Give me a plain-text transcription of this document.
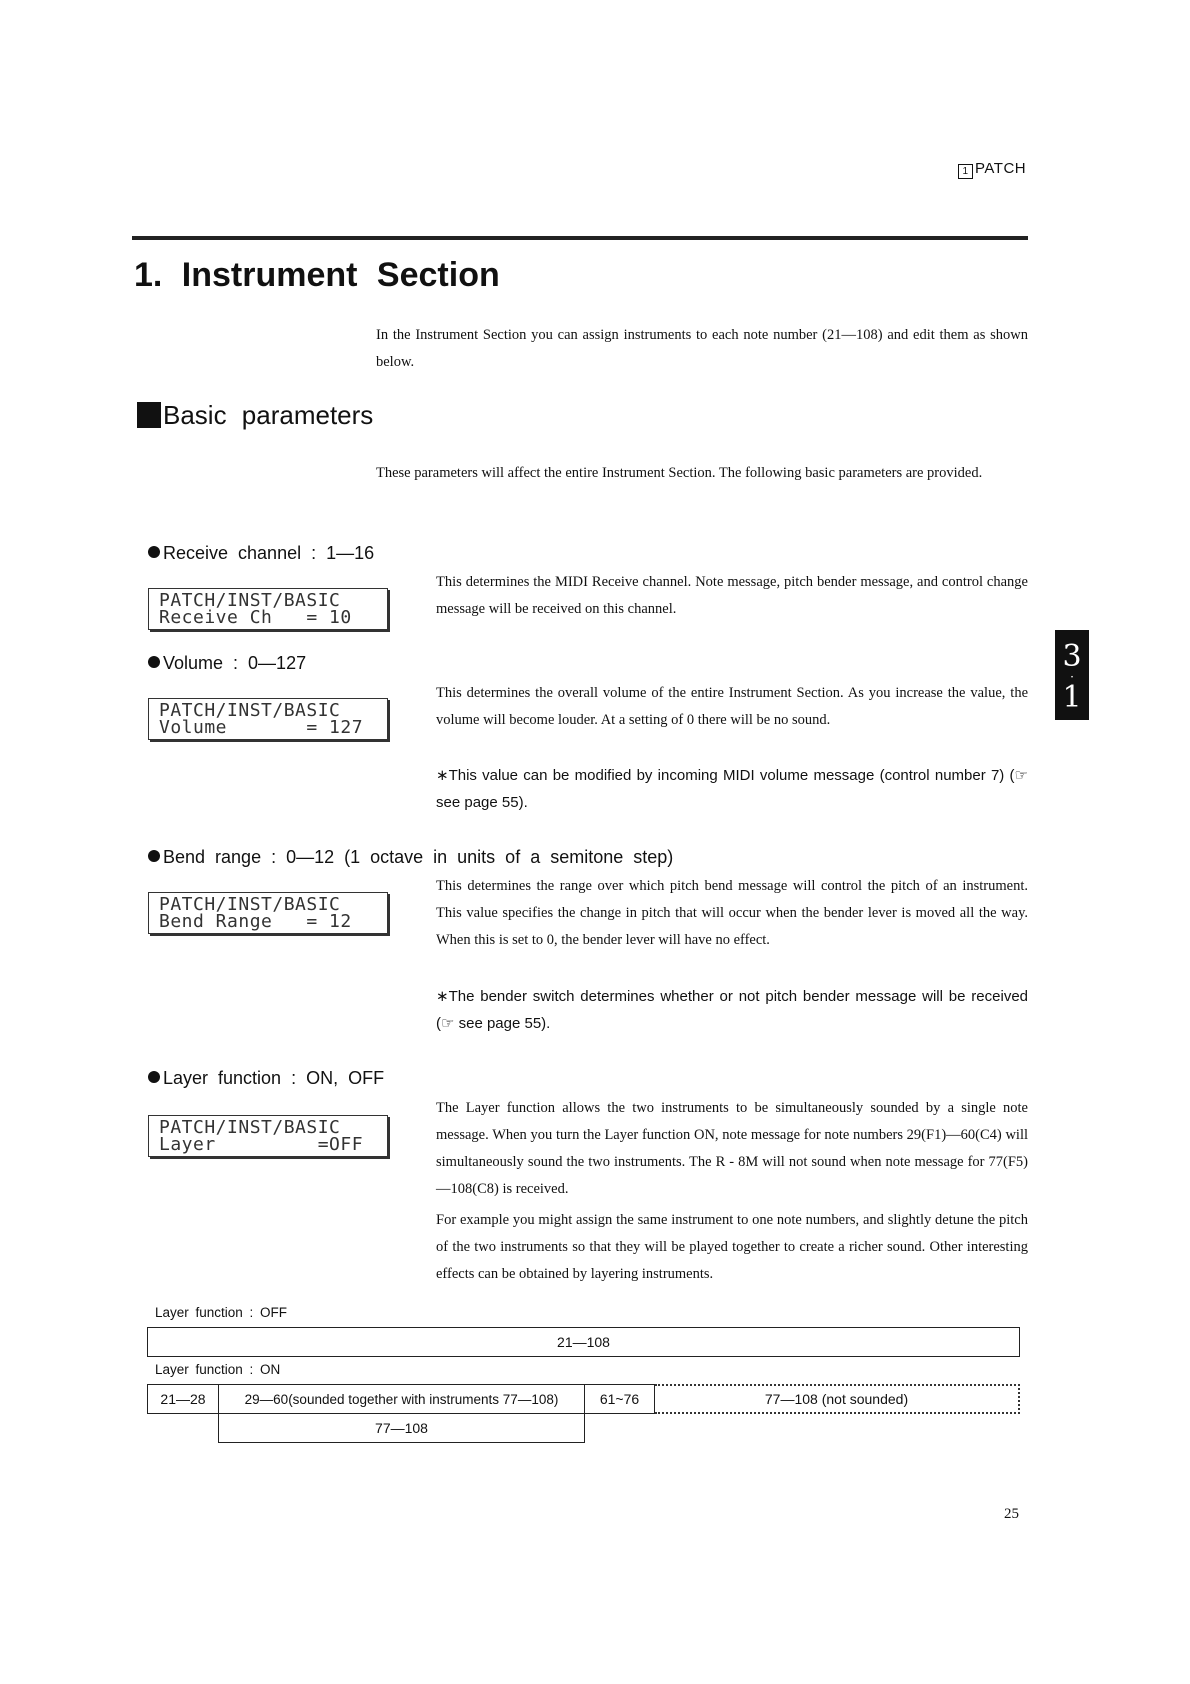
1 PATCH
1. Instrument Section
In the Instrument Section you can assign instruments to each note number (21—108) and edit them as shown below.
Basic parameters
These parameters will affect the entire Instrument Section. The following basic parameters are provided.
3
·
1
Receive channel : 1—16
PATCH/INST/BASIC
Receive Ch   = 10
This determines the MIDI Receive channel. Note message, pitch bender message, and control change message will be received on this channel.
Volume : 0—127
PATCH/INST/BASIC
Volume       = 127
This determines the overall volume of the entire Instrument Section. As you increase the value, the volume will become louder. At a setting of 0 there will be no sound.
∗This value can be modified by incoming MIDI volume message (control number 7) (☞ see page 55).
Bend range : 0—12 (1 octave in units of a semitone step)
PATCH/INST/BASIC
Bend Range   = 12
This determines the range over which pitch bend message will control the pitch of an instrument. This value specifies the change in pitch that will occur when the bender lever is moved all the way. When this is set to 0, the bender lever will have no effect.
∗The bender switch determines whether or not pitch bender message will be received (☞ see page 55).
Layer function : ON, OFF
PATCH/INST/BASIC
Layer         =OFF
The Layer function allows the two instruments to be simultaneously sounded by a single note message. When you turn the Layer function ON, note message for note numbers 29(F1)—60(C4) will simultaneously sound the two instruments. The R - 8M will not sound when note message for 77(F5)—108(C8) is received.
For example you might assign the same instrument to one note numbers, and slightly detune the pitch of the two instruments so that they will be played together to create a richer sound. Other interesting effects can be obtained by layering instruments.
Layer function : OFF
21—108
Layer function : ON
21—28	29—60(sounded together with instruments 77—108)	61~76	77—108 (not sounded)
77—108
25
